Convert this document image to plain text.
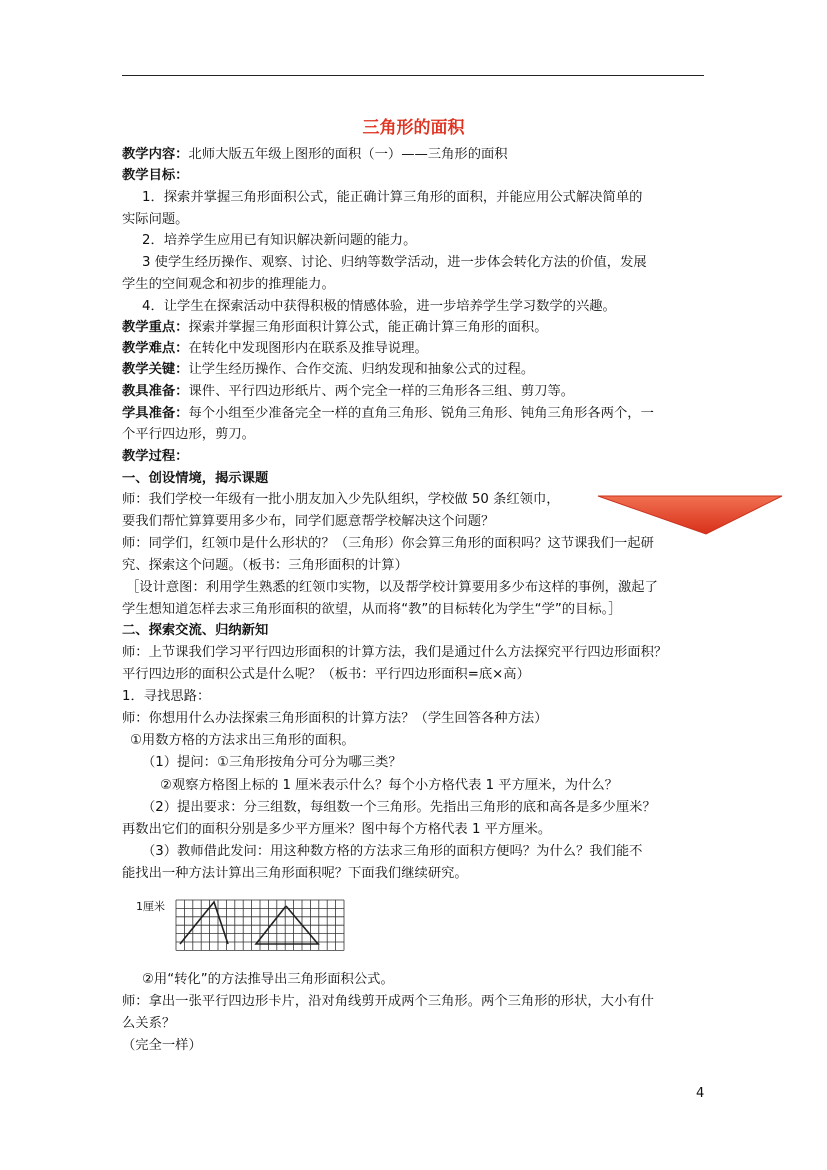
三角形的面积
教学内容：北师大版五年级上图形的面积（一）——三角形的面积
教学目标：
1．探索并掌握三角形面积公式，能正确计算三角形的面积，并能应用公式解决简单的
实际问题。
2．培养学生应用已有知识解决新问题的能力。
3 使学生经历操作、观察、讨论、归纳等数学活动，进一步体会转化方法的价值，发展
学生的空间观念和初步的推理能力。
4．让学生在探索活动中获得积极的情感体验，进一步培养学生学习数学的兴趣。
教学重点：探索并掌握三角形面积计算公式，能正确计算三角形的面积。
教学难点：在转化中发现图形内在联系及推导说理。
教学关键：让学生经历操作、合作交流、归纳发现和抽象公式的过程。
教具准备：课件、平行四边形纸片、两个完全一样的三角形各三组、剪刀等。
学具准备：每个小组至少准备完全一样的直角三角形、锐角三角形、钝角三角形各两个，一
个平行四边形，剪刀。
教学过程：
一、创设情境，揭示课题
师：我们学校一年级有一批小朋友加入少先队组织，学校做 50 条红领巾，
要我们帮忙算算要用多少布，同学们愿意帮学校解决这个问题？
师：同学们，红领巾是什么形状的？（三角形）你会算三角形的面积吗？这节课我们一起研
究、探索这个问题。（板书：三角形面积的计算）
［设计意图：利用学生熟悉的红领巾实物，以及帮学校计算要用多少布这样的事例，激起了
学生想知道怎样去求三角形面积的欲望，从而将“教”的目标转化为学生“学”的目标。］
二、探索交流、归纳新知
师：上节课我们学习平行四边形面积的计算方法，我们是通过什么方法探究平行四边形面积？
平行四边形的面积公式是什么呢？（板书：平行四边形面积=底×高）
1．寻找思路：
师：你想用什么办法探索三角形面积的计算方法？（学生回答各种方法）
①用数方格的方法求出三角形的面积。
（1）提问：①三角形按角分可分为哪三类？
②观察方格图上标的 1 厘米表示什么？每个小方格代表 1 平方厘米，为什么？
（2）提出要求：分三组数，每组数一个三角形。先指出三角形的底和高各是多少厘米？
再数出它们的面积分别是多少平方厘米？图中每个方格代表 1 平方厘米。
（3）教师借此发问：用这种数方格的方法求三角形的面积方便吗？为什么？我们能不
能找出一种方法计算出三角形面积呢？下面我们继续研究。
②用“转化”的方法推导出三角形面积公式。
师：拿出一张平行四边形卡片，沿对角线剪开成两个三角形。两个三角形的形状，大小有什
么关系？
（完全一样）
1厘米
4
